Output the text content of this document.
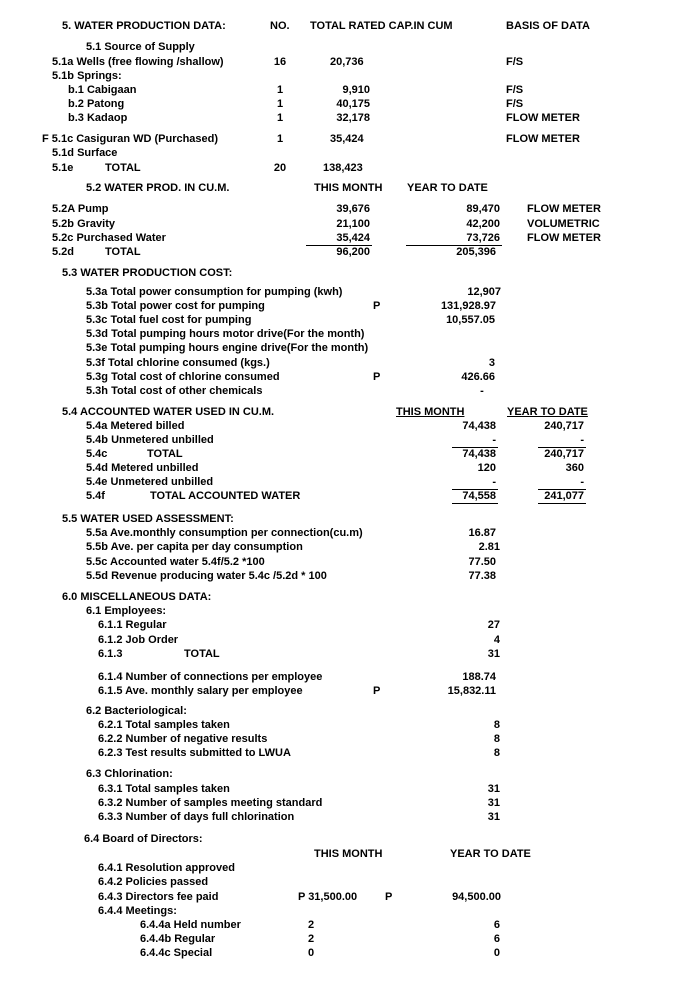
5. WATER PRODUCTION DATA:	NO. TOTAL RATED CAP.IN CUM	BASIS OF DATA
5.1 Source of Supply
5.1a Wells (free flowing /shallow)	16	20,736	F/S
5.1b Springs:
b.1 Cabigaan	1	9,910	F/S
b.2 Patong	1	40,175	F/S
b.3 Kadaop	1	32,178	FLOW METER
F 5.1c Casiguran WD (Purchased)	1	35,424	FLOW METER
5.1d Surface
5.1e	TOTAL	20	138,423
5.2 WATER PROD. IN CU.M.	THIS MONTH YEAR TO DATE
5.2A Pump	39,676	89,470 FLOW METER
5.2b Gravity	21,100	42,200 VOLUMETRIC
5.2c Purchased Water	35,424	73,726 FLOW METER
5.2d	TOTAL	96,200	205,396
5.3 WATER PRODUCTION COST:
5.3a Total power consumption for pumping (kwh)	12,907
5.3b Total power cost for pumping	P	131,928.97
5.3c Total fuel cost for pumping	10,557.05
5.3d Total pumping hours motor drive(For the month)
5.3e Total pumping hours engine drive(For the month)
5.3f Total chlorine consumed (kgs.)	3
5.3g Total cost of chlorine consumed	P	426.66
5.3h Total cost of other chemicals	-
5.4 ACCOUNTED WATER USED IN CU.M.	THIS MONTH	YEAR TO DATE
5.4a Metered billed	74,438	240,717
5.4b Unmetered unbilled	-	-
5.4c	TOTAL	74,438	240,717
5.4d Metered unbilled	120	360
5.4e Unmetered unbilled	-	-
5.4f	TOTAL ACCOUNTED WATER	74,558	241,077
5.5 WATER USED ASSESSMENT:
5.5a Ave.monthly consumption per connection(cu.m)	16.87
5.5b Ave. per capita per day consumption	2.81
5.5c Accounted water 5.4f/5.2 *100	77.50
5.5d Revenue producing water 5.4c /5.2d * 100	77.38
6.0 MISCELLANEOUS DATA:
6.1 Employees:
6.1.1 Regular	27
6.1.2 Job Order	4
6.1.3	TOTAL	31
6.1.4 Number of connections per employee	188.74
6.1.5 Ave. monthly salary per employee	P	15,832.11
6.2 Bacteriological:
6.2.1 Total samples taken	8
6.2.2 Number of negative results	8
6.2.3 Test results submitted to LWUA	8
6.3 Chlorination:
6.3.1 Total samples taken	31
6.3.2 Number of samples meeting standard	31
6.3.3 Number of days full chlorination	31
6.4 Board of Directors:
THIS MONTH	YEAR TO DATE
6.4.1 Resolution approved
6.4.2 Policies passed
6.4.3 Directors fee paid	P 31,500.00	P	94,500.00
6.4.4 Meetings:
6.4.4a Held number	2	6
6.4.4b Regular	2	6
6.4.4c Special	0	0
